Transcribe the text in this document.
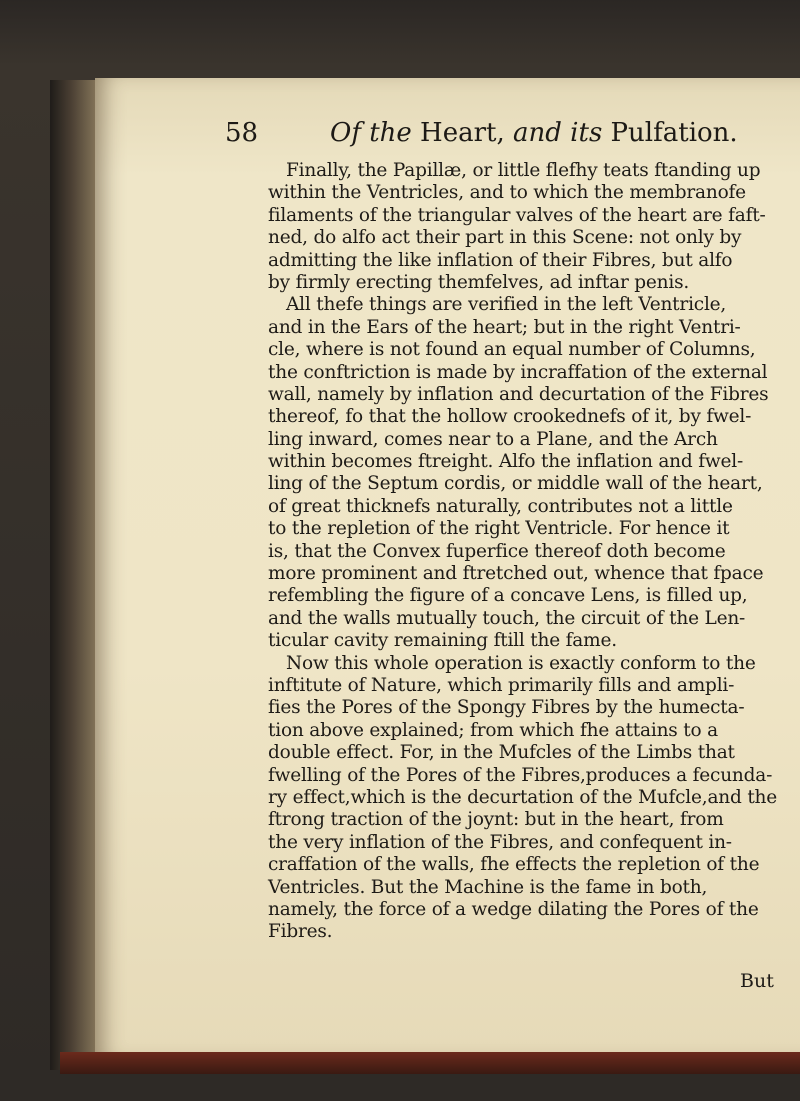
58	Of the Heart, and its Pulfation.
Finally, the Papillæ, or little flefhy teats ftanding up
within the Ventricles, and to which the membranofe
filaments of the triangular valves of the heart are faft-
ned, do alfo act their part in this Scene: not only by
admitting the like inflation of their Fibres, but alfo
by firmly erecting themfelves, ad inftar penis.
All thefe things are verified in the left Ventricle,
and in the Ears of the heart; but in the right Ventri-
cle, where is not found an equal number of Columns,
the conftriction is made by incraffation of the external
wall, namely by inflation and decurtation of the Fibres
thereof, fo that the hollow crookednefs of it, by fwel-
ling inward, comes near to a Plane, and the Arch
within becomes ftreight. Alfo the inflation and fwel-
ling of the Septum cordis, or middle wall of the heart,
of great thicknefs naturally, contributes not a little
to the repletion of the right Ventricle. For hence it
is, that the Convex fuperfice thereof doth become
more prominent and ftretched out, whence that fpace
refembling the figure of a concave Lens, is filled up,
and the walls mutually touch, the circuit of the Len-
ticular cavity remaining ftill the fame.
Now this whole operation is exactly conform to the
inftitute of Nature, which primarily fills and ampli-
fies the Pores of the Spongy Fibres by the humecta-
tion above explained; from which fhe attains to a
double effect. For, in the Mufcles of the Limbs that
fwelling of the Pores of the Fibres,produces a fecunda-
ry effect,which is the decurtation of the Mufcle,and the
ftrong traction of the joynt: but in the heart, from
the very inflation of the Fibres, and confequent in-
craffation of the walls, fhe effects the repletion of the
Ventricles. But the Machine is the fame in both,
namely, the force of a wedge dilating the Pores of the
Fibres.
But
